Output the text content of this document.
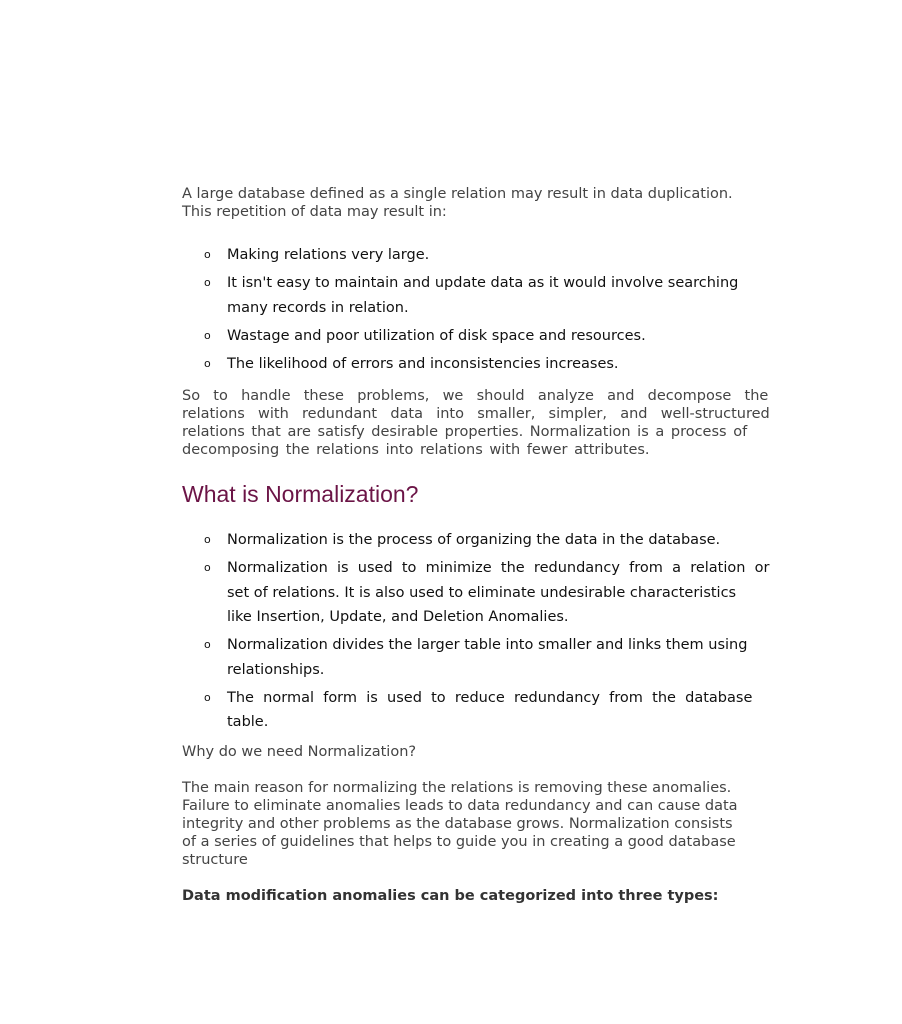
A large database defined as a single relation may result in data duplication.
This repetition of data may result in:

o Making relations very large.
o It isn't easy to maintain and update data as it would involve searching
many records in relation.
o Wastage and poor utilization of disk space and resources.
o The likelihood of errors and inconsistencies increases.

So  to  handle  these  problems,  we  should  analyze  and  decompose  the
relations  with  redundant  data  into  smaller,  simpler,  and  well-structured
relations that are satisfy desirable properties. Normalization is a process of
decomposing the relations into relations with fewer attributes.

What is Normalization?
o Normalization is the process of organizing the data in the database.
o Normalization  is  used  to  minimize  the  redundancy  from  a  relation  or
set of relations. It is also used to eliminate undesirable characteristics
like Insertion, Update, and Deletion Anomalies.
o Normalization divides the larger table into smaller and links them using
relationships.
o The  normal  form  is  used  to  reduce  redundancy  from  the  database
table.

Why do we need Normalization?

The main reason for normalizing the relations is removing these anomalies.
Failure to eliminate anomalies leads to data redundancy and can cause data
integrity and other problems as the database grows. Normalization consists
of a series of guidelines that helps to guide you in creating a good database
structure

Data modification anomalies can be categorized into three types:
